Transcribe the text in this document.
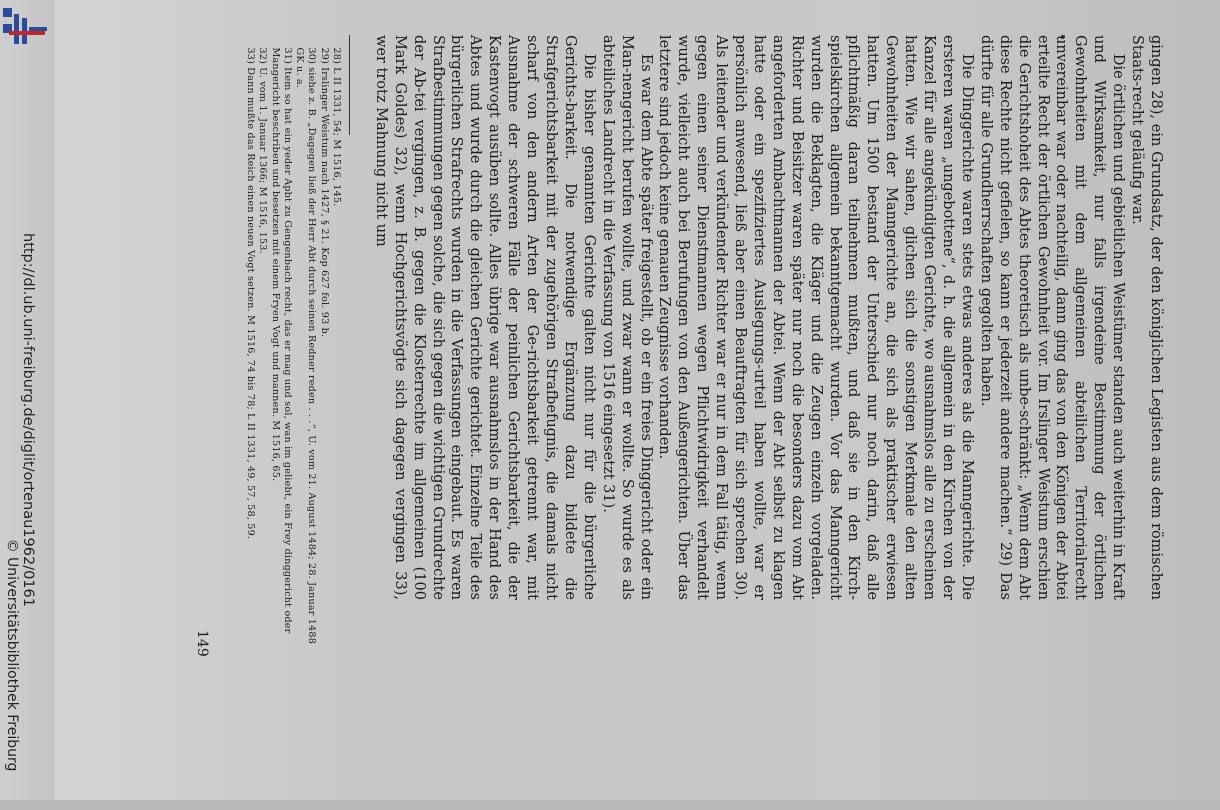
http://dl.ub.uni-freiburg.de/diglit/ortenau1962/0161
© Universitätsbibliothek Freiburg

gingen 28), ein Grundsatz, der den königlichen Legisten aus dem römischen Staats-recht geläufig war.

Die örtlichen und gebietlichen Weistümer standen auch weiterhin in Kraft und Wirksamkeit, nur falls irgendeine Bestimmung der örtlichen Gewohnheiten mit dem allgemeinen abteilichen Territorialrecht unvereinbar war oder nachteilig, dann ging das von den Königen der Abtei erteilte Recht der örtlichen Gewohnheit vor. Im Irslinger Weistum erschien die Gerichtshoheit des Abtes theoretisch als unbe-schränkt: „Wenn dem Abt diese Rechte nicht gefielen, so kann er jederzeit andere machen.“ 29) Das dürfte für alle Grundherrschaften gegolten haben.

Die Dinggerichte waren stets etwas anderes als die Manngerichte. Die ersteren waren „ungebottene“, d. h. die allgemein in den Kirchen von der Kanzel für alle angekündigten Gerichte, wo ausnahmslos alle zu erscheinen hatten. Wie wir sahen, glichen sich die sonstigen Merkmale den alten Gewohnheiten der Manngerichte an, die sich als praktischer erwiesen hatten. Um 1500 bestand der Unterschied nur noch darin, daß alle pflichtmäßig daran teilnehmen mußten, und daß sie in den Kirch-spielskirchen allgemein bekanntgemacht wurden. Vor das Manngericht wurden die Beklagten, die Kläger und die Zeugen einzeln vorgeladen. Richter und Beisitzer waren später nur noch die besonders dazu vom Abt angeforderten Ambachtmannen der Abtei. Wenn der Abt selbst zu klagen hatte oder ein spezifiziertes Auslegungs-urteil haben wollte, war er persönlich anwesend, ließ aber einen Beauftragten für sich sprechen 30). Als leitender und verkündender Richter war er nur in dem Fall tätig, wenn gegen einen seiner Dienstmannen wegen Pflichtwidrigkeit verhandelt wurde, vielleicht auch bei Berufungen von den Außengerichten. Über das letztere sind jedoch keine genauen Zeugnisse vorhanden.

Es war dem Abte später freigestellt, ob er ein freies Dinggericht oder ein Man-nengericht berufen wollte, und zwar wann er wollte. So wurde es als abteiliches Landrecht in die Verfassung von 1516 eingesetzt 31).

Die bisher genannten Gerichte galten nicht nur für die bürgerliche Gerichts-barkeit. Die notwendige Ergänzung dazu bildete die Strafgerichtsbarkeit mit der zugehörigen Strafbefugnis, die damals nicht scharf von den andern Arten der Ge-richtsbarkeit getrennt war, mit Ausnahme der schweren Fälle der peinlichen Gerichtsbarkeit, die der Kastenvogt ausüben sollte. Alles übrige war ausnahmslos in der Hand des Abtes und wurde durch die gleichen Gerichte gerichtet. Einzelne Teile des bürgerlichen Strafrechts wurden in die Verfassungen eingebaut. Es waren Strafbestimmungen gegen solche, die sich gegen die wichtigen Grundrechte der Ab-tei vergingen, z. B. gegen die Klosterrechte im allgemeinen (100 Mark Goldes) 32), wenn Hochgerichtsvögte sich dagegen vergingen 33), wer trotz Mahnung nicht um

28) L II 1331, 54; M 1516, 145.

29) Irslinger Weistum nach 1427, § 21. Kop 627 fol. 93 b.

30) siehe z. B. „Dagegen ließ der Herr Abt durch seinen Redner reden . . .“, U. vom 21. August 1484; 28. Januar 1488 GK u. a.

31) Item so hat ein yeder Apbt zu Gengenbach recht, das er mag und sol, wan im geliebt, ein Frey dinggericht oder Mangericht beschriben und besetzen mit einem Fryen Vogt und mannen. M 1516, 65.

32) U. vom 1. Januar 1366; M 1516, 153.

33) Dann mußte das Reich einen neuen Vogt setzen. M 1516, 74 bis 78; L II 1331, 49, 57, 58, 59.

149
